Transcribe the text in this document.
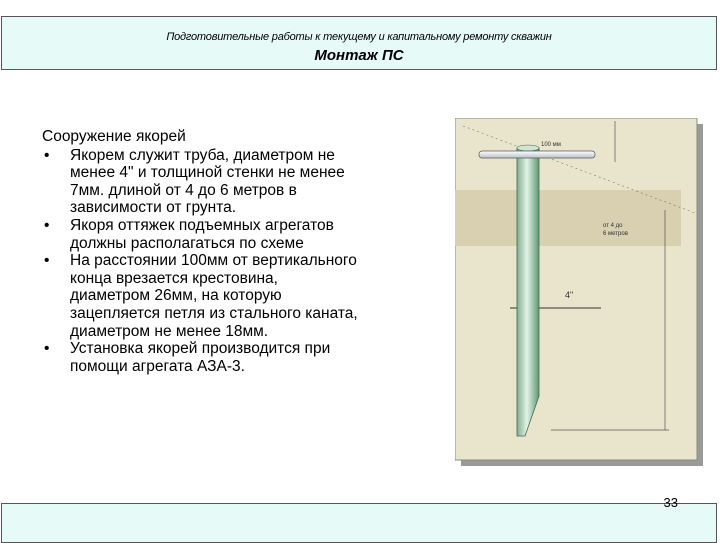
Подготовительные работы к текущему и капитальному ремонту скважин
Монтаж ПС
Сооружение якорей
• Якорем служит труба, диаметром не менее 4" и толщиной стенки не менее 7мм. длиной от 4 до 6 метров в зависимости от грунта.
• Якоря оттяжек подъемных агрегатов должны располагаться по схеме
• На расстоянии 100мм от вертикального конца врезается крестовина, диаметром 26мм, на которую зацепляется петля из стального каната, диаметром не менее 18мм.
• Установка якорей производится при помощи агрегата АЗА-3.
100 мм
от 4 до 6 метров
4"
33
